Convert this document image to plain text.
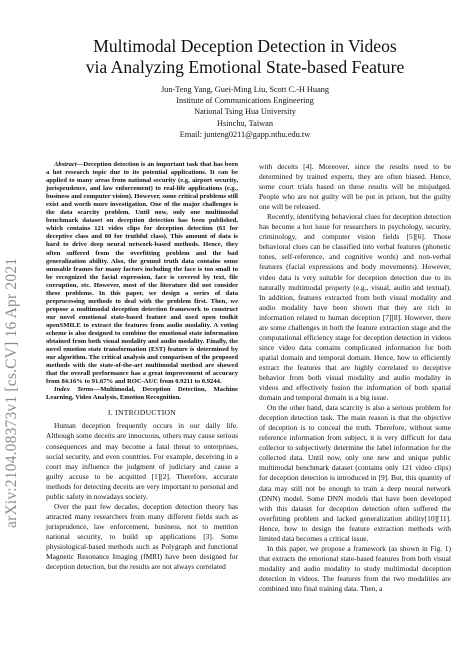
arXiv:2104.08373v1 [cs.CV] 16 Apr 2021
Multimodal Deception Detection in Videos
via Analyzing Emotional State-based Feature
Jun-Teng Yang, Guei-Ming Liu, Scott C.-H Huang
Institute of Communications Engineering
National Tsing Hua University
Hsinchu, Taiwan
Email: junteng0211@gapp.nthu.edu.tw

Abstract—Deception detection is an important task that has been a hot research topic due to its potential applications. It can be applied to many areas from national security (e.g, airport security, jurisprudence, and law enforcement) to real-life applications (e.g., business and computer vision). However, some critical problems still exist and worth more investigation. One of the major challenges is the data scarcity problem. Until now, only one multimodal benchmark dataset on deception detection has been published, which contains 121 video clips for deception detection (61 for deceptive class and 60 for truthful class). This amount of data is hard to drive deep neural network-based methods. Hence, they often suffered from the overfitting problem and the bad generalization ability. Also, the ground truth data contains some unusable frames for many factors including the face is too small to be recognized the facial expression, face is covered by text, file corruption, etc. However, most of the literature did not consider these problems. In this paper, we design a series of data preprocessing methods to deal with the problem first. Then, we propose a multimodal deception detection framework to construct our novel emotional state-based feature and used open toolkit openSMILE to extract the features from audio modality. A voting scheme is also designed to combine the emotional state information obtained from both visual modality and audio modality. Finally, the novel emotion state transformation (EST) feature is determined by our algorithm. The critical analysis and comparison of the proposed methods with the state-of-the-art multimodal method are showed that the overall performance has a great improvement of accuracy from 84.16% to 91.67% and ROC-AUC from 0.9211 to 0.9244.

Index Terms—Multimodal, Deception Detection, Machine Learning, Video Analysis, Emotion Recognition.

I. INTRODUCTION

Human deception frequently occurs in our daily life. Although some deceits are innocuous, others may cause serious consequences and may become a fatal threat to enterprises, social security, and even countries. For example, deceiving in a court may influence the judgment of judiciary and cause a guilty accuse to be acquitted [1][2]. Therefore, accurate methods for detecting deceits are very important to personal and public safety in nowadays society.

Over the past few decades, deception detection theory has attracted many researchers from many different fields such as jurisprudence, law enforcement, business, not to mention national security, to build up applications [3]. Some physiological-based methods such as Polygraph and functional Magnetic Resonance Imaging (fMRI) have been designed for deception detection, but the results are not always correlated

with deceits [4]. Moreover, since the results need to be determined by trained experts, they are often biased. Hence, some court trials based on these results will be misjudged. People who are not guilty will be put in prison, but the guilty one will be released.

Recently, identifying behavioral clues for deception detection has become a hot issue for researchers in psychology, security, criminology, and computer vision fields [5][6]. Those behavioral clues can be classified into verbal features (phonetic tones, self-reference, and cognitive words) and non-verbal features (facial expressions and body movements). However, video data is very suitable for deception detection due to its naturally multimodal property (e.g., visual, audio and textual). In addition, features extracted from both visual modality and audio modality have been shown that they are rich in information related to human deception [7][8]. However, there are some challenges in both the feature extraction stage and the computational efficiency stage for deception detection in videos since video data contains complicated information for both spatial domain and temporal domain. Hence, how to efficiently extract the features that are highly correlated to deceptive behavior from both visual modality and audio modality in videos and effectively fusion the information of both spatial domain and temporal domain is a big issue.

On the other hand, data scarcity is also a serious problem for deception detection task. The main reason is that the objective of deception is to conceal the truth. Therefore, without some reference information from subject, it is very difficult for data collector to subjectively determine the label information for the collected data. Until now, only one new and unique public multimodal benchmark dataset (contains only 121 video clips) for deception detection is introduced in [9]. But, this quantity of data may still not be enough to train a deep neural network (DNN) model. Some DNN models that have been developed with this dataset for deception detection often suffered the overfitting problem and lacked generalization ability[10][11]. Hence, how to design the feature extraction methods with limited data becomes a critical issue.

In this paper, we propose a framework (as shown in Fig. 1) that extracts the emotional state-based features from both visual modality and audio modality to study multimodal deception detection in videos. The features from the two modalities are combined into final training data. Then, a
